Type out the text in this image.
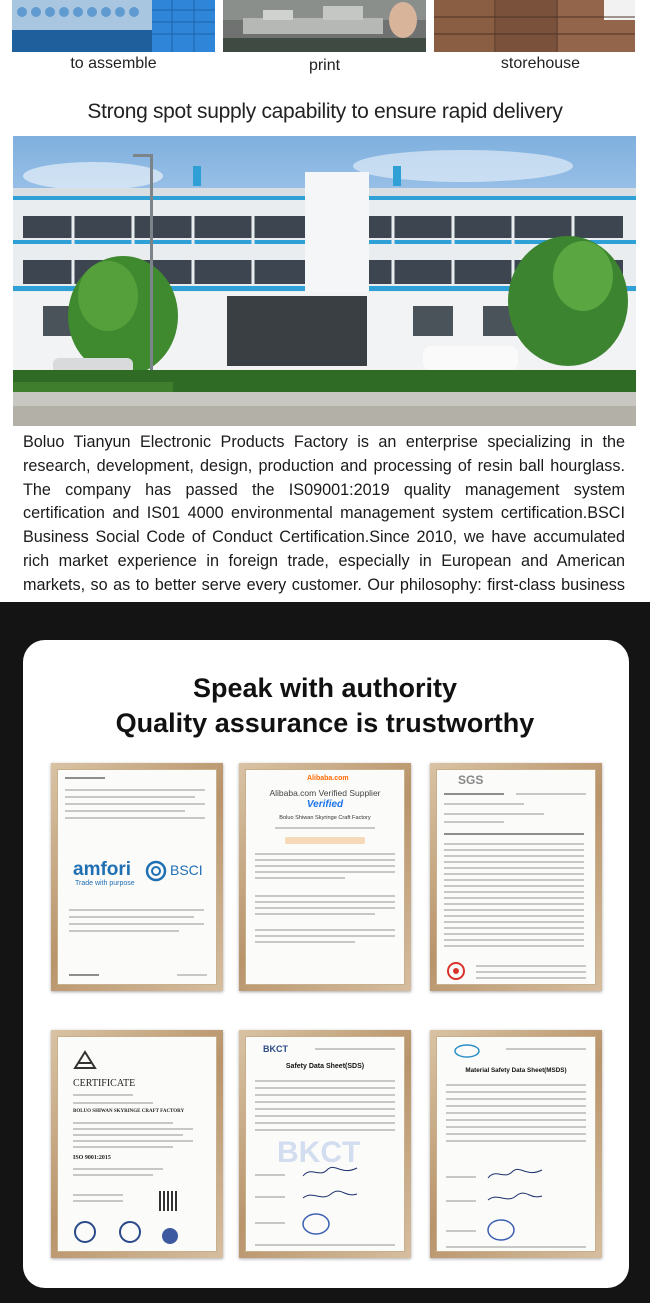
to assemble	print	storehouse
Strong spot supply capability to ensure rapid delivery
Boluo Tianyun Electronic Products Factory is an enterprise specializing in the research, development, design, production and processing of resin ball hourglass. The company has passed the IS09001:2019 quality management system certification and IS01 4000 environmental management system certification.BSCI Business Social Code of Conduct Certification.Since 2010, we have accumulated rich market experience in foreign trade, especially in European and American markets, so as to better serve every customer. Our philosophy: first-class business
Speak with authority
Quality assurance is trustworthy
amfori	BSCI
Trade with purpose
Alibaba.com
Alibaba.com Verified Supplier
Verified
Boluo Shiwan Skyringe Craft Factory
SGS
CERTIFICATE
BOLUO SHIWAN SKYRINGE CRAFT FACTORY
ISO 9001:2015
BKCT
Safety Data Sheet(SDS)
BKCT
Material Safety Data Sheet(MSDS)
